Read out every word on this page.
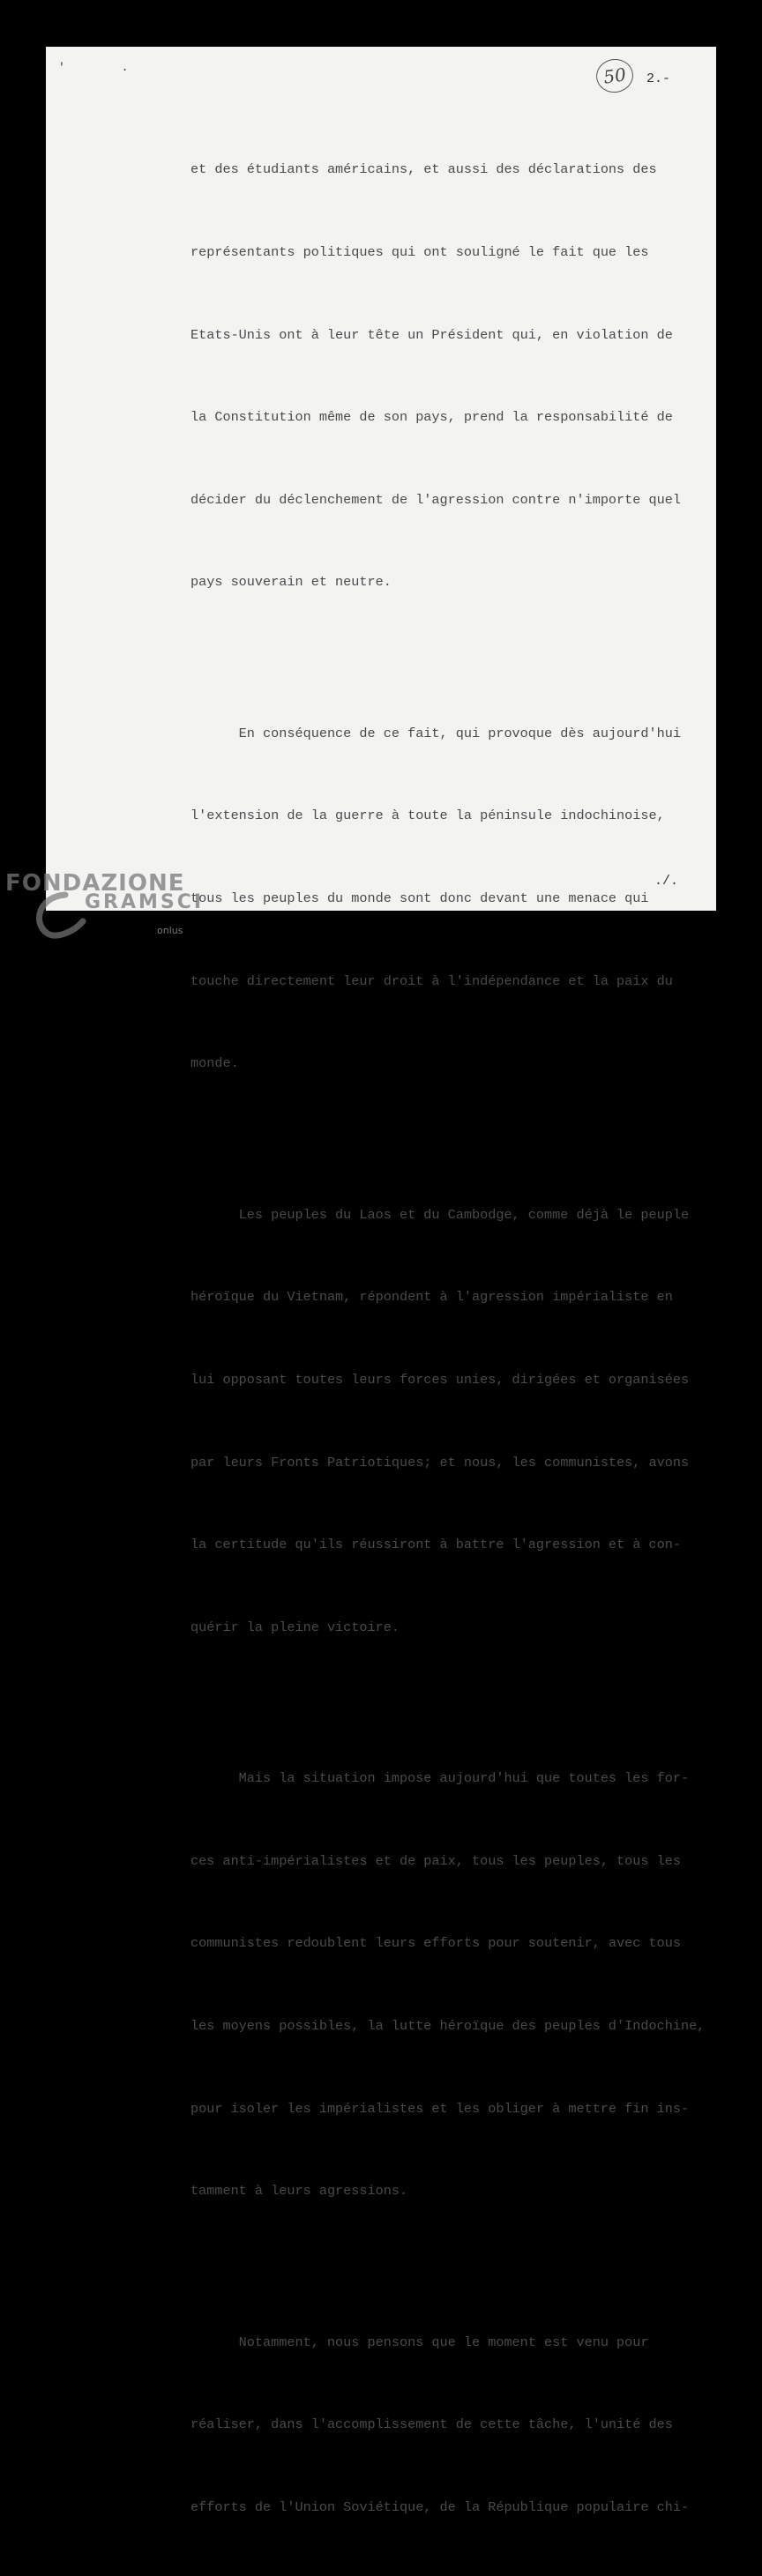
' .	50	2.-

et des étudiants américains, et aussi des déclarations des

représentants politiques qui ont souligné le fait que les

Etats-Unis ont à leur tête un Président qui, en violation de

la Constitution même de son pays, prend la responsabilité de

décider du déclenchement de l'agression contre n'importe quel

pays souverain et neutre.

En conséquence de ce fait, qui provoque dès aujourd'hui

l'extension de la guerre à toute la péninsule indochinoise,

tous les peuples du monde sont donc devant une menace qui

touche directement leur droit à l'indépendance et la paix du

monde.

Les peuples du Laos et du Cambodge, comme déjà le peuple

héroïque du Vietnam, répondent à l'agression impérialiste en

lui opposant toutes leurs forces unies, dirigées et organisées

par leurs Fronts Patriotiques; et nous, les communistes, avons

la certitude qu'ils réussiront à battre l'agression et à con-

quérir la pleine victoire.

Mais la situation impose aujourd'hui que toutes les for-

ces anti-impérialistes et de paix, tous les peuples, tous les

communistes redoublent leurs efforts pour soutenir, avec tous

les moyens possibles, la lutte héroïque des peuples d'Indochine,

pour isoler les impérialistes et les obliger à mettre fin ins-

tamment à leurs agressions.

Notamment, nous pensons que le moment est venu pour

réaliser, dans l'accomplissement de cette tâche, l'unité des

efforts de l'Union Soviétique, de la République populaire chi-

./.
FONDAZIONE
GRAMSCI
onlus
